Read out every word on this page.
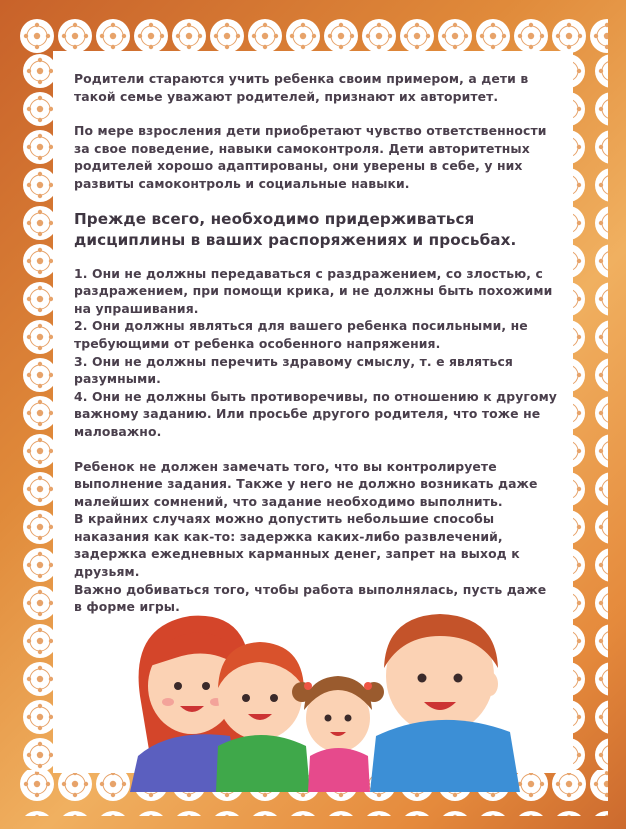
Родители стараются учить ребенка своим примером, а дети в такой семье уважают родителей, признают их авторитет.

По мере взросления дети приобретают чувство ответственности за свое поведение, навыки самоконтроля. Дети авторитетных родителей хорошо адаптированы, они уверены в себе, у них развиты самоконтроль и социальные навыки.

Прежде всего, необходимо придерживаться дисциплины в ваших распоряжениях и просьбах.

1. Они не должны передаваться с раздражением, со злостью, с раздражением, при помощи крика, и не должны быть похожими на упрашивания.

2. Они должны являться для вашего ребенка посильными, не требующими от ребенка особенного напряжения.

3. Они не должны перечить здравому смыслу, т. е являться разумными.

4. Они не должны быть противоречивы, по отношению к другому важному заданию. Или просьбе другого родителя, что тоже не маловажно.

Ребенок не должен замечать того, что вы контролируете выполнение задания. Также у него не должно возникать даже малейших сомнений, что задание необходимо выполнить.

В крайних случаях можно допустить небольшие способы наказания как как-то: задержка каких-либо развлечений, задержка ежедневных карманных денег, запрет на выход к друзьям.

Важно добиваться того, чтобы работа выполнялась, пусть даже в форме игры.
